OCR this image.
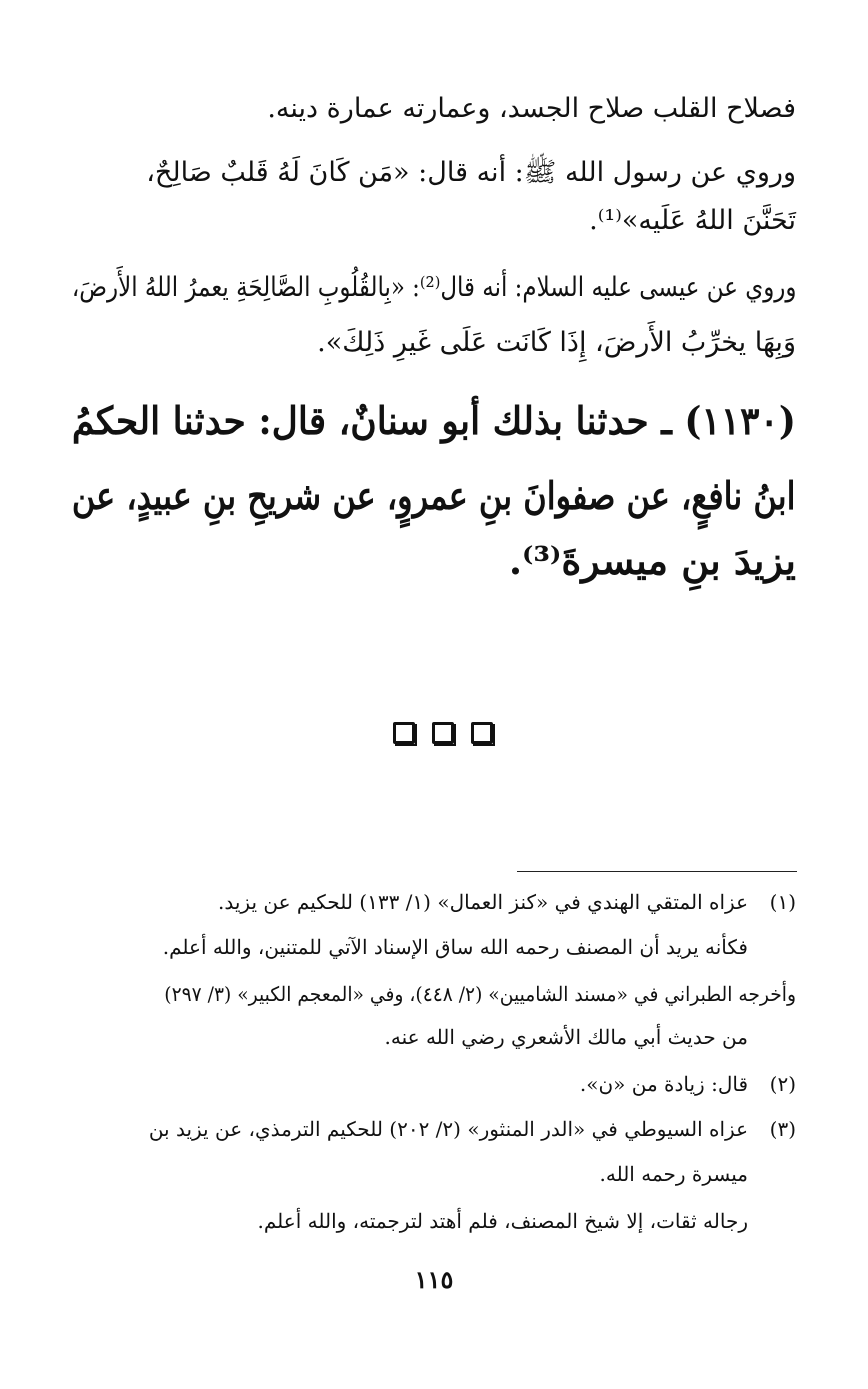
فصلاح القلب صلاح الجسد، وعمارته عمارة دينه.
وروي عن رسول الله ﷺ: أنه قال: «مَن كَانَ لَهُ قَلبٌ صَالِحٌ،
تَحَنَّنَ اللهُ عَلَيه»⁽¹⁾.
وروي عن عيسى عليه السلام: أنه قال⁽²⁾: «بِالقُلُوبِ الصَّالِحَةِ يعمرُ اللهُ الأَرضَ،
وَبِهَا يخرِّبُ الأَرضَ، إِذَا كَانَت عَلَى غَيرِ ذَلِكَ».
(١١٣٠) ـ حدثنا بذلك أبو سنانٌ، قال: حدثنا الحكمُ
ابنُ نافعٍ، عن صفوانَ بنِ عمروٍ، عن شريحِ بنِ عبيدٍ، عن
يزيدَ بنِ ميسرةَ⁽³⁾.
(١)
عزاه المتقي الهندي في «كنز العمال» (١/ ١٣٣) للحكيم عن يزيد.
فكأنه يريد أن المصنف رحمه الله ساق الإسناد الآتي للمتنين، والله أعلم.
وأخرجه الطبراني في «مسند الشاميين» (٢/ ٤٤٨)، وفي «المعجم الكبير» (٣/ ٢٩٧)
من حديث أبي مالك الأشعري رضي الله عنه.
(٢)
قال: زيادة من «ن».
(٣)
عزاه السيوطي في «الدر المنثور» (٢/ ٢٠٢) للحكيم الترمذي، عن يزيد بن
ميسرة رحمه الله.
رجاله ثقات، إلا شيخ المصنف، فلم أهتد لترجمته، والله أعلم.
١١٥
